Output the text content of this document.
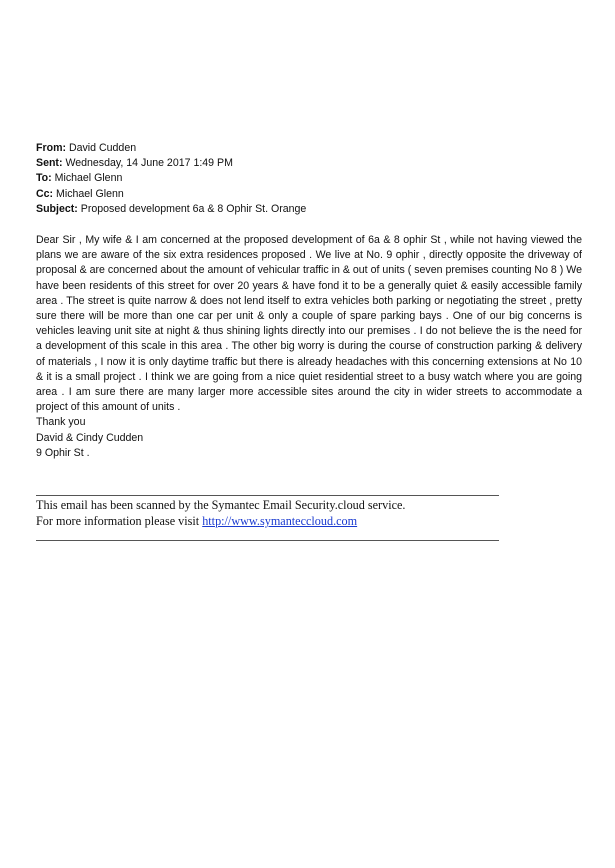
From: David Cudden
Sent: Wednesday, 14 June 2017 1:49 PM
To: Michael Glenn
Cc: Michael Glenn
Subject: Proposed development 6a & 8 Ophir St. Orange

Dear Sir , My wife & I am concerned at the proposed development of 6a & 8 ophir St , while not having viewed the plans we are aware of the six extra residences proposed . We live at No. 9 ophir , directly opposite the driveway of proposal & are concerned about the amount of vehicular traffic in & out of units ( seven premises counting No 8 ) We have been residents of this street for over 20 years & have fond it to be a generally quiet & easily accessible family area . The street is quite narrow & does not lend itself to extra vehicles both parking or negotiating the street , pretty sure there will be more than one car per unit & only a couple of spare parking bays . One of our big concerns is vehicles leaving unit site at night & thus shining lights directly into our premises . I do not believe the is the need for a development of this scale in this area . The other big worry is during the course of construction parking & delivery of materials , I now it is only daytime traffic but there is already headaches with this concerning extensions at No 10 & it is a small project . I think we are going from a nice quiet residential street to a busy watch where you are going area . I am sure there are many larger more accessible sites around the city in wider streets to accommodate a project of this amount of units .

Thank you

David & Cindy Cudden

9 Ophir St .

This email has been scanned by the Symantec Email Security.cloud service.
For more information please visit http://www.symanteccloud.com
